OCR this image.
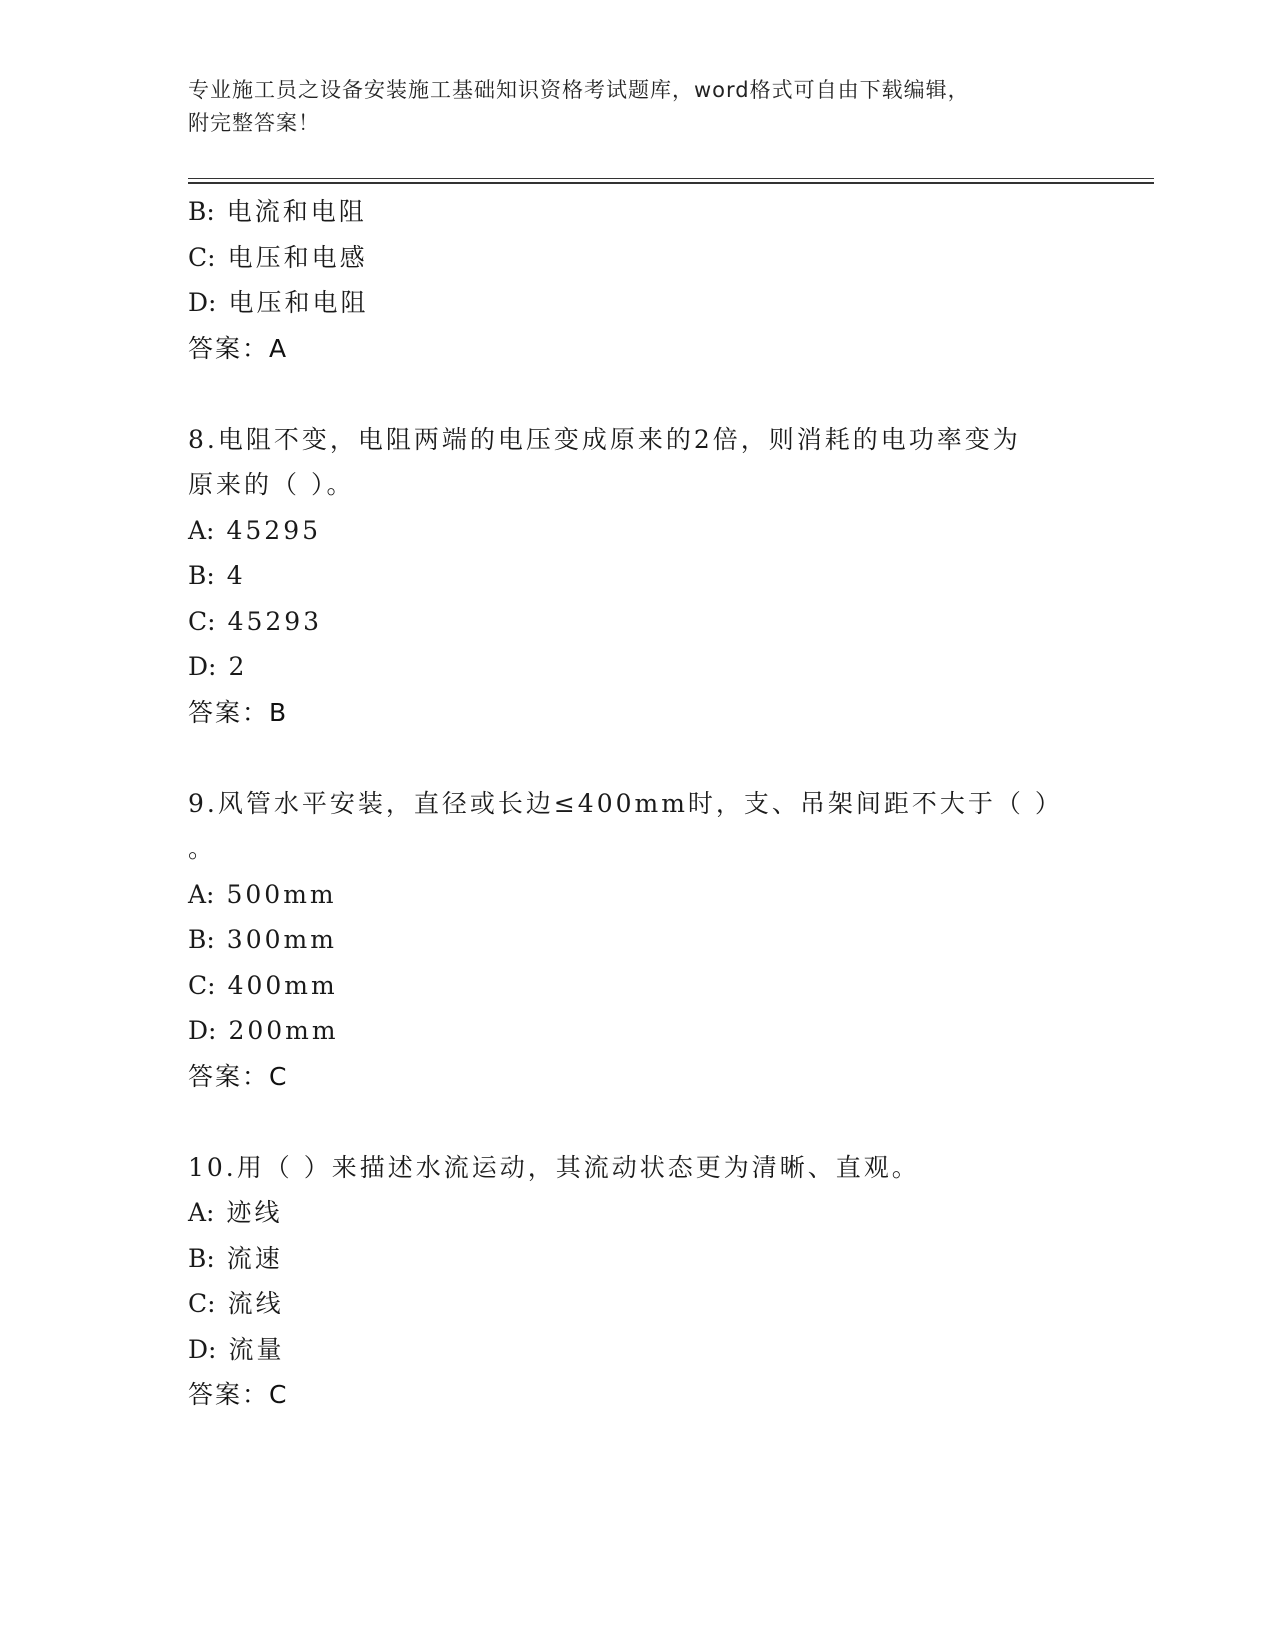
专业施工员之设备安装施工基础知识资格考试题库，word格式可自由下载编辑，
附完整答案！
B: 电流和电阻
C: 电压和电感
D: 电压和电阻
答案：A
8.电阻不变，电阻两端的电压变成原来的2倍，则消耗的电功率变为
原来的（ ）。
A: 45295
B: 4
C: 45293
D: 2
答案：B
9.风管水平安装，直径或长边≤400mm时，支、吊架间距不大于（ ）
。
A: 500mm
B: 300mm
C: 400mm
D: 200mm
答案：C
10.用（ ）来描述水流运动，其流动状态更为清晰、直观。
A: 迹线
B: 流速
C: 流线
D: 流量
答案：C
